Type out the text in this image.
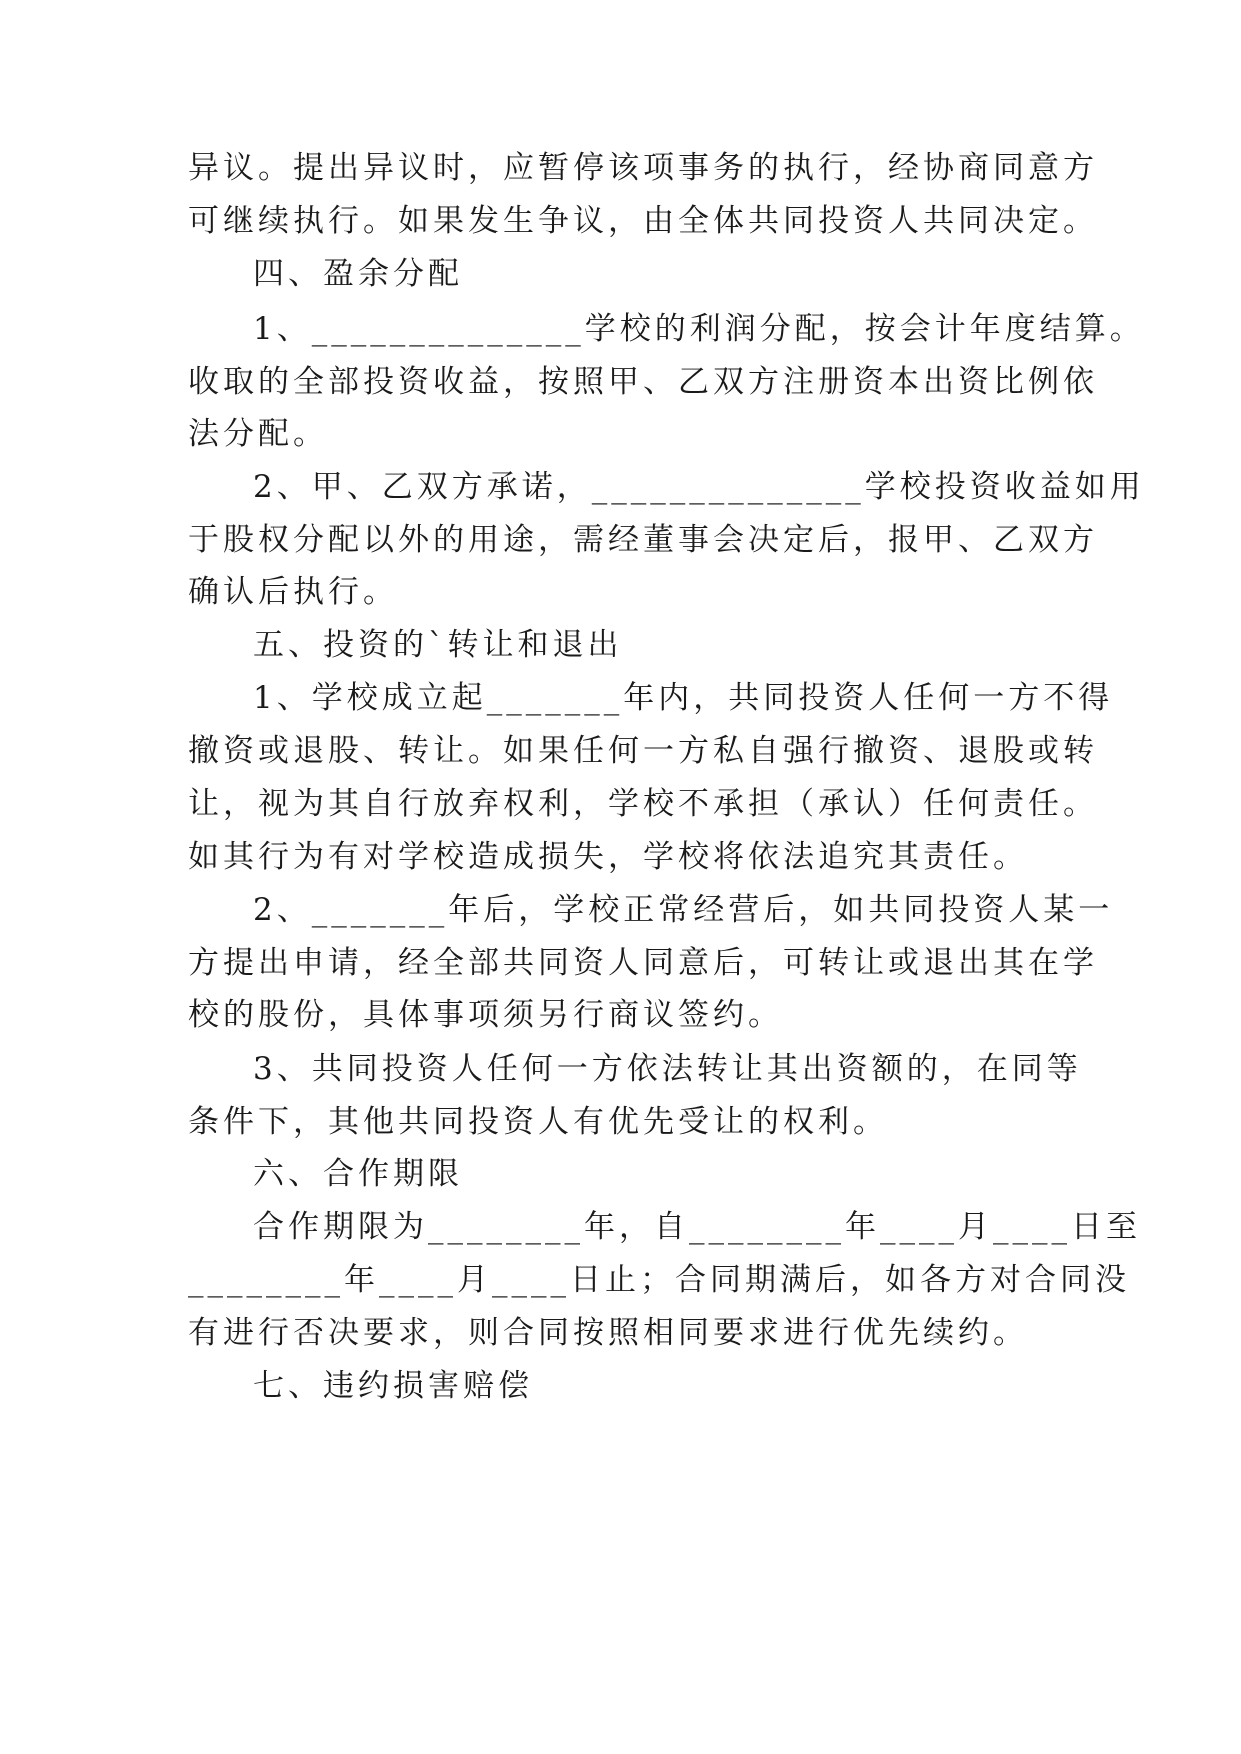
异议。提出异议时，应暂停该项事务的执行，经协商同意方
可继续执行。如果发生争议，由全体共同投资人共同决定。
四、盈余分配
1、______________学校的利润分配，按会计年度结算。
收取的全部投资收益，按照甲、乙双方注册资本出资比例依
法分配。
2、甲、乙双方承诺，______________学校投资收益如用
于股权分配以外的用途，需经董事会决定后，报甲、乙双方
确认后执行。
五、投资的`转让和退出
1、学校成立起_______年内，共同投资人任何一方不得
撤资或退股、转让。如果任何一方私自强行撤资、退股或转
让，视为其自行放弃权利，学校不承担（承认）任何责任。
如其行为有对学校造成损失，学校将依法追究其责任。
2、_______年后，学校正常经营后，如共同投资人某一
方提出申请，经全部共同资人同意后，可转让或退出其在学
校的股份，具体事项须另行商议签约。
3、共同投资人任何一方依法转让其出资额的，在同等
条件下，其他共同投资人有优先受让的权利。
六、合作期限
合作期限为________年，自________年____月____日至
________年____月____日止；合同期满后，如各方对合同没
有进行否决要求，则合同按照相同要求进行优先续约。
七、违约损害赔偿
